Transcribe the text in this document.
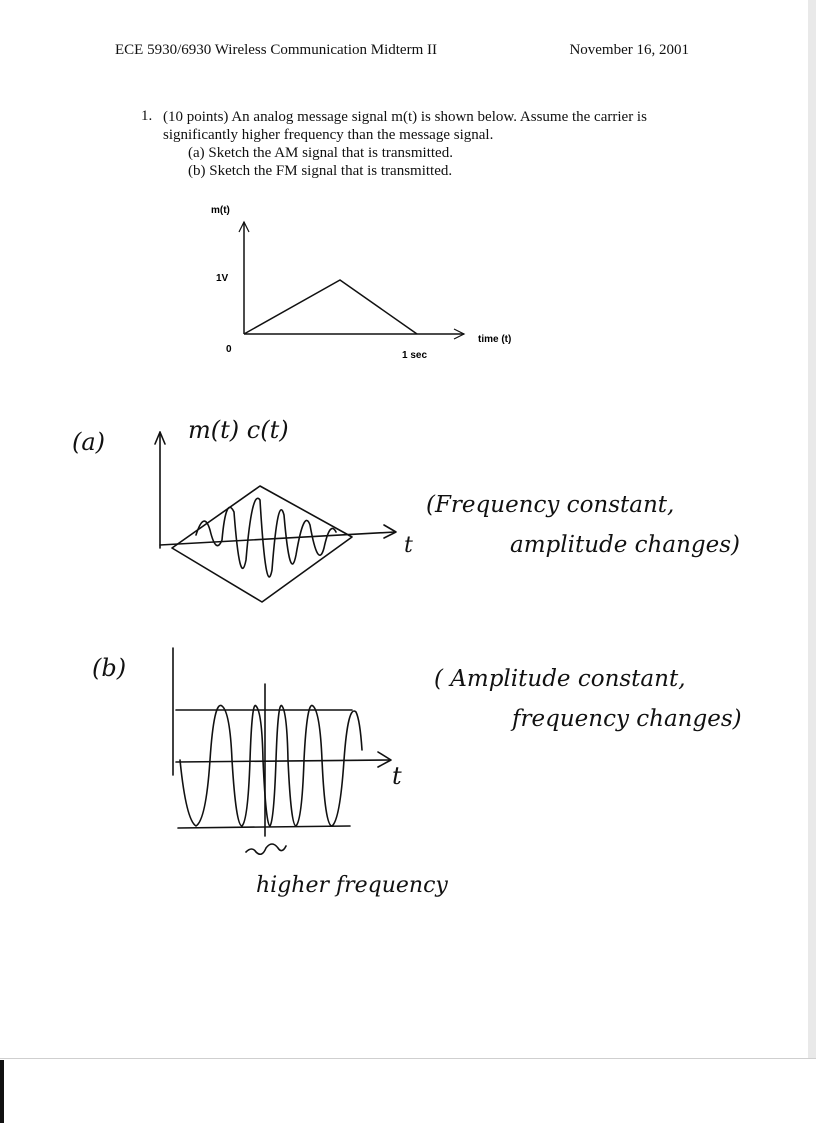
ECE 5930/6930 Wireless Communication Midterm II	November 16, 2001
1. (10 points) An analog message signal m(t) is shown below. Assume the carrier is
significantly higher frequency than the message signal.
(a) Sketch the AM signal that is transmitted.
(b) Sketch the FM signal that is transmitted.
m(t)
1V
0
1 sec
time (t)
(a)	m(t) c(t)
t
(Frequency constant,
amplitude changes)
(b)
t
( Amplitude constant,
frequency changes)
higher frequency
